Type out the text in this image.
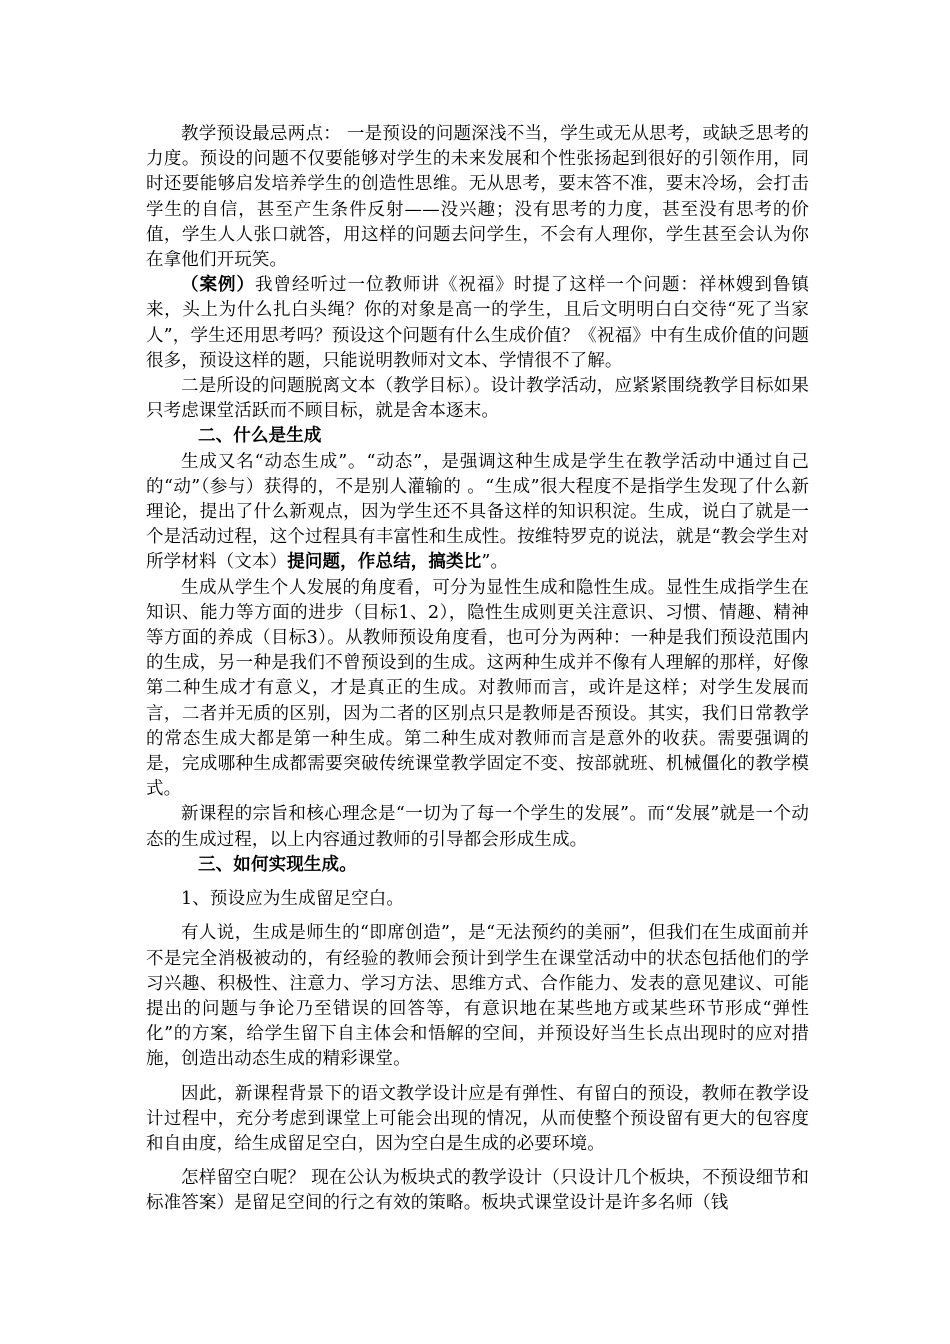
教学预设最忌两点： 一是预设的问题深浅不当，学生或无从思考，或缺乏思考的力度。预设的问题不仅要能够对学生的未来发展和个性张扬起到很好的引领作用，同时还要能够启发培养学生的创造性思维。无从思考，要末答不准，要末冷场，会打击学生的自信，甚至产生条件反射——没兴趣；没有思考的力度，甚至没有思考的价值，学生人人张口就答，用这样的问题去问学生，不会有人理你，学生甚至会认为你在拿他们开玩笑。

（案例）我曾经听过一位教师讲《祝福》时提了这样一个问题：祥林嫂到鲁镇来，头上为什么扎白头绳？你的对象是高一的学生，且后文明明白白交待“死了当家人”，学生还用思考吗？预设这个问题有什么生成价值？《祝福》中有生成价值的问题很多，预设这样的题，只能说明教师对文本、学情很不了解。

二是所设的问题脱离文本（教学目标）。设计教学活动，应紧紧围绕教学目标如果只考虑课堂活跃而不顾目标，就是舍本逐末。

二、什么是生成

生成又名“动态生成”。“动态”，是强调这种生成是学生在教学活动中通过自己的“动”（参与）获得的，不是别人灌输的 。“生成”很大程度不是指学生发现了什么新理论，提出了什么新观点，因为学生还不具备这样的知识积淀。生成，说白了就是一个是活动过程，这个过程具有丰富性和生成性。按维特罗克的说法，就是“教会学生对所学材料（文本）提问题，作总结，搞类比”。

生成从学生个人发展的角度看，可分为显性生成和隐性生成。显性生成指学生在知识、能力等方面的进步（目标1、2），隐性生成则更关注意识、习惯、情趣、精神等方面的养成（目标3）。从教师预设角度看，也可分为两种：一种是我们预设范围内的生成，另一种是我们不曾预设到的生成。这两种生成并不像有人理解的那样，好像第二种生成才有意义，才是真正的生成。对教师而言，或许是这样；对学生发展而言，二者并无质的区别，因为二者的区别点只是教师是否预设。其实，我们日常教学的常态生成大都是第一种生成。第二种生成对教师而言是意外的收获。需要强调的是，完成哪种生成都需要突破传统课堂教学固定不变、按部就班、机械僵化的教学模式。

新课程的宗旨和核心理念是“一切为了每一个学生的发展”。而“发展”就是一个动态的生成过程，以上内容通过教师的引导都会形成生成。

三、如何实现生成。

1、预设应为生成留足空白。

有人说，生成是师生的“即席创造”，是“无法预约的美丽”，但我们在生成面前并不是完全消极被动的，有经验的教师会预计到学生在课堂活动中的状态包括他们的学习兴趣、积极性、注意力、学习方法、思维方式、合作能力、发表的意见建议、可能提出的问题与争论乃至错误的回答等，有意识地在某些地方或某些环节形成“弹性化”的方案，给学生留下自主体会和悟解的空间，并预设好当生长点出现时的应对措施，创造出动态生成的精彩课堂。

因此，新课程背景下的语文教学设计应是有弹性、有留白的预设，教师在教学设计过程中，充分考虑到课堂上可能会出现的情况，从而使整个预设留有更大的包容度和自由度，给生成留足空白，因为空白是生成的必要环境。

怎样留空白呢？ 现在公认为板块式的教学设计（只设计几个板块，不预设细节和标准答案）是留足空间的行之有效的策略。板块式课堂设计是许多名师（钱
